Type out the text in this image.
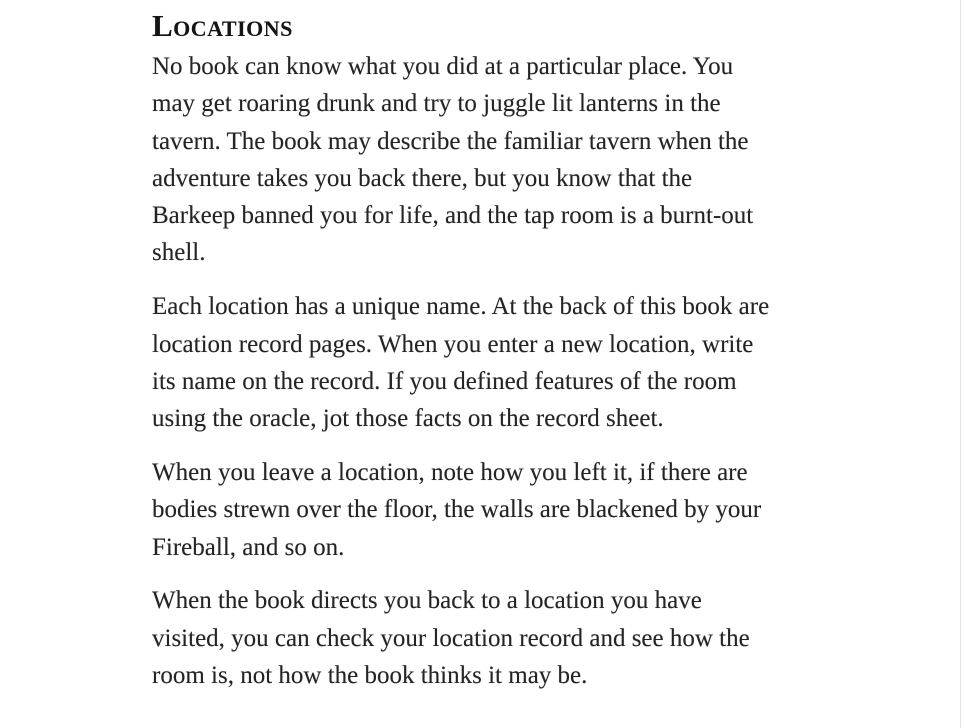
Locations
No book can know what you did at a particular place. You
may get roaring drunk and try to juggle lit lanterns in the
tavern. The book may describe the familiar tavern when the
adventure takes you back there, but you know that the
Barkeep banned you for life, and the tap room is a burnt-out
shell.
Each location has a unique name. At the back of this book are
location record pages. When you enter a new location, write
its name on the record. If you defined features of the room
using the oracle, jot those facts on the record sheet.
When you leave a location, note how you left it, if there are
bodies strewn over the floor, the walls are blackened by your
Fireball, and so on.
When the book directs you back to a location you have
visited, you can check your location record and see how the
room is, not how the book thinks it may be.
